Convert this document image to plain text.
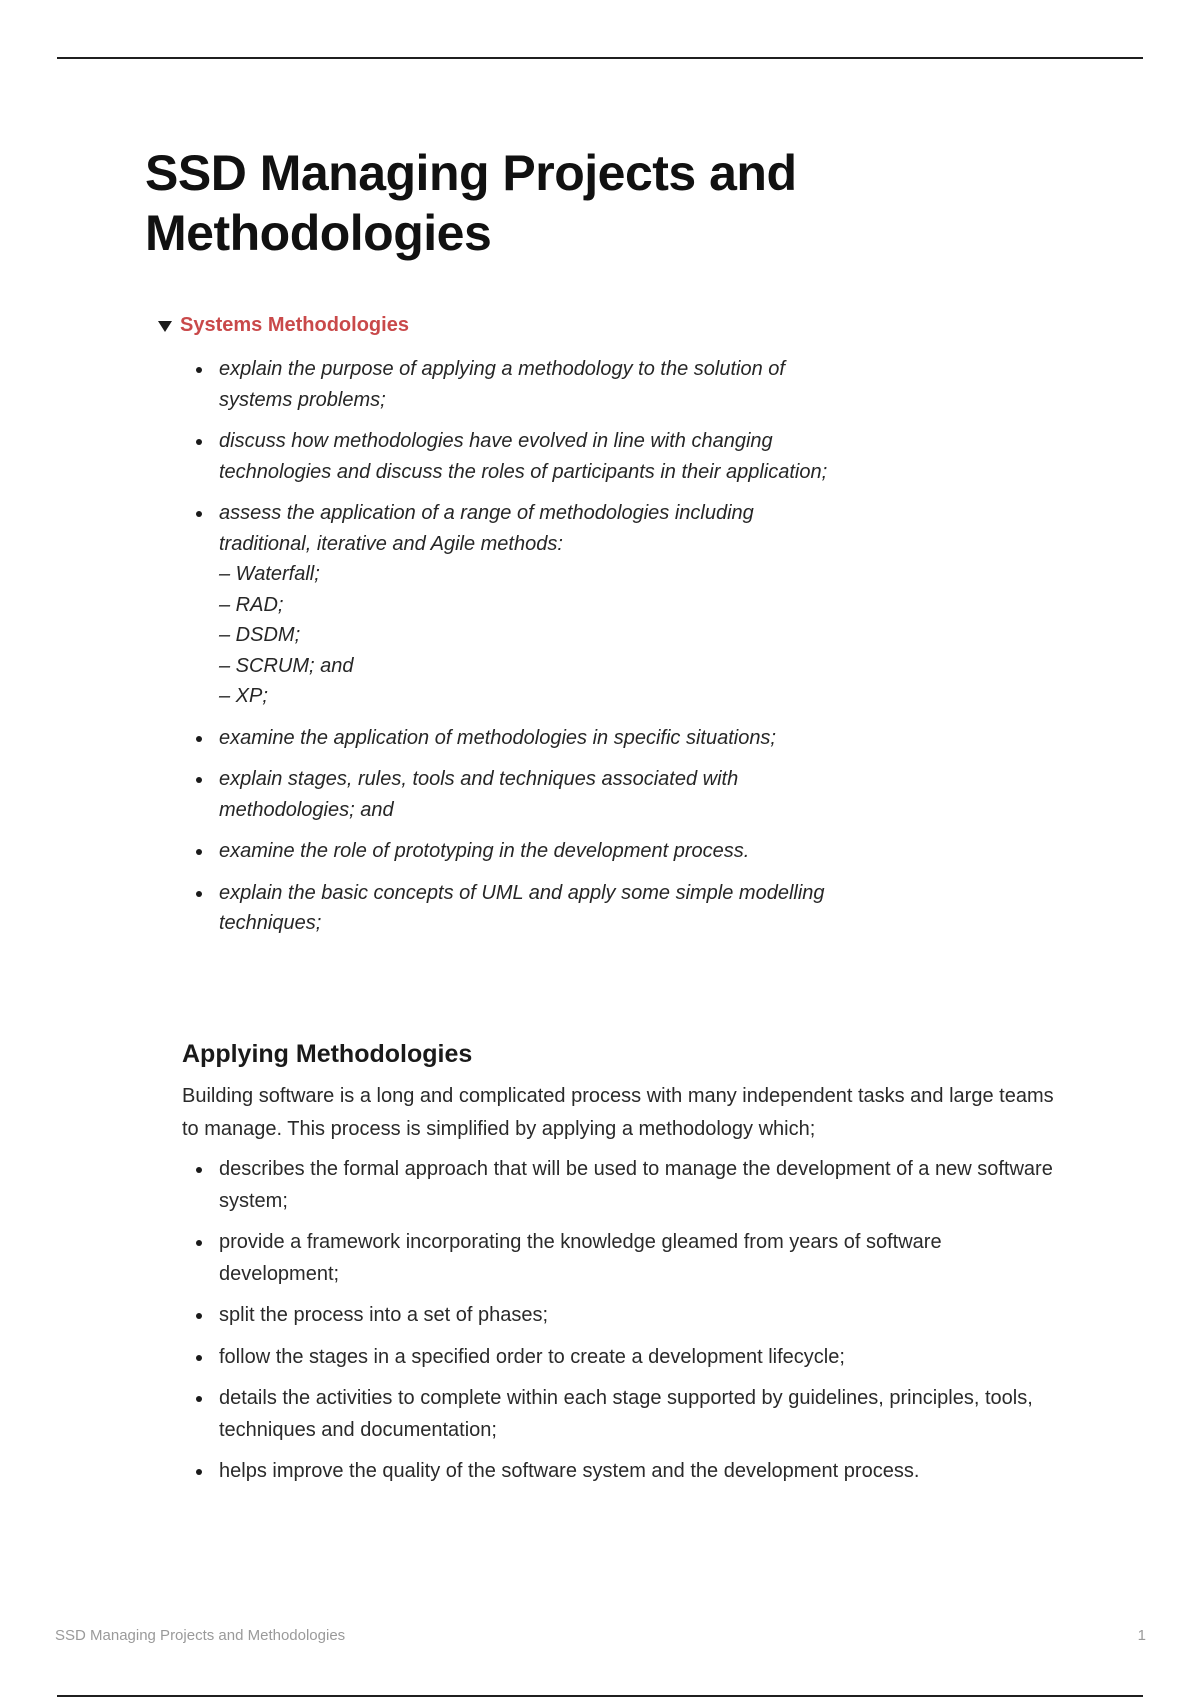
SSD Managing Projects and Methodologies
Systems Methodologies
explain the purpose of applying a methodology to the solution of systems problems;
discuss how methodologies have evolved in line with changing technologies and discuss the roles of participants in their application;
assess the application of a range of methodologies including traditional, iterative and Agile methods:
– Waterfall;
– RAD;
– DSDM;
– SCRUM; and
– XP;
examine the application of methodologies in specific situations;
explain stages, rules, tools and techniques associated with methodologies; and
examine the role of prototyping in the development process.
explain the basic concepts of UML and apply some simple modelling techniques;
Applying Methodologies

Building software is a long and complicated process with many independent tasks and large teams to manage. This process is simplified by applying a methodology which;

describes the formal approach that will be used to manage the development of a new software system;
provide a framework incorporating the knowledge gleamed from years of software development;
split the process into a set of phases;
follow the stages in a specified order to create a development lifecycle;
details the activities to complete within each stage supported by guidelines, principles, tools, techniques and documentation;
helps improve the quality of the software system and the development process.
SSD Managing Projects and Methodologies	1
